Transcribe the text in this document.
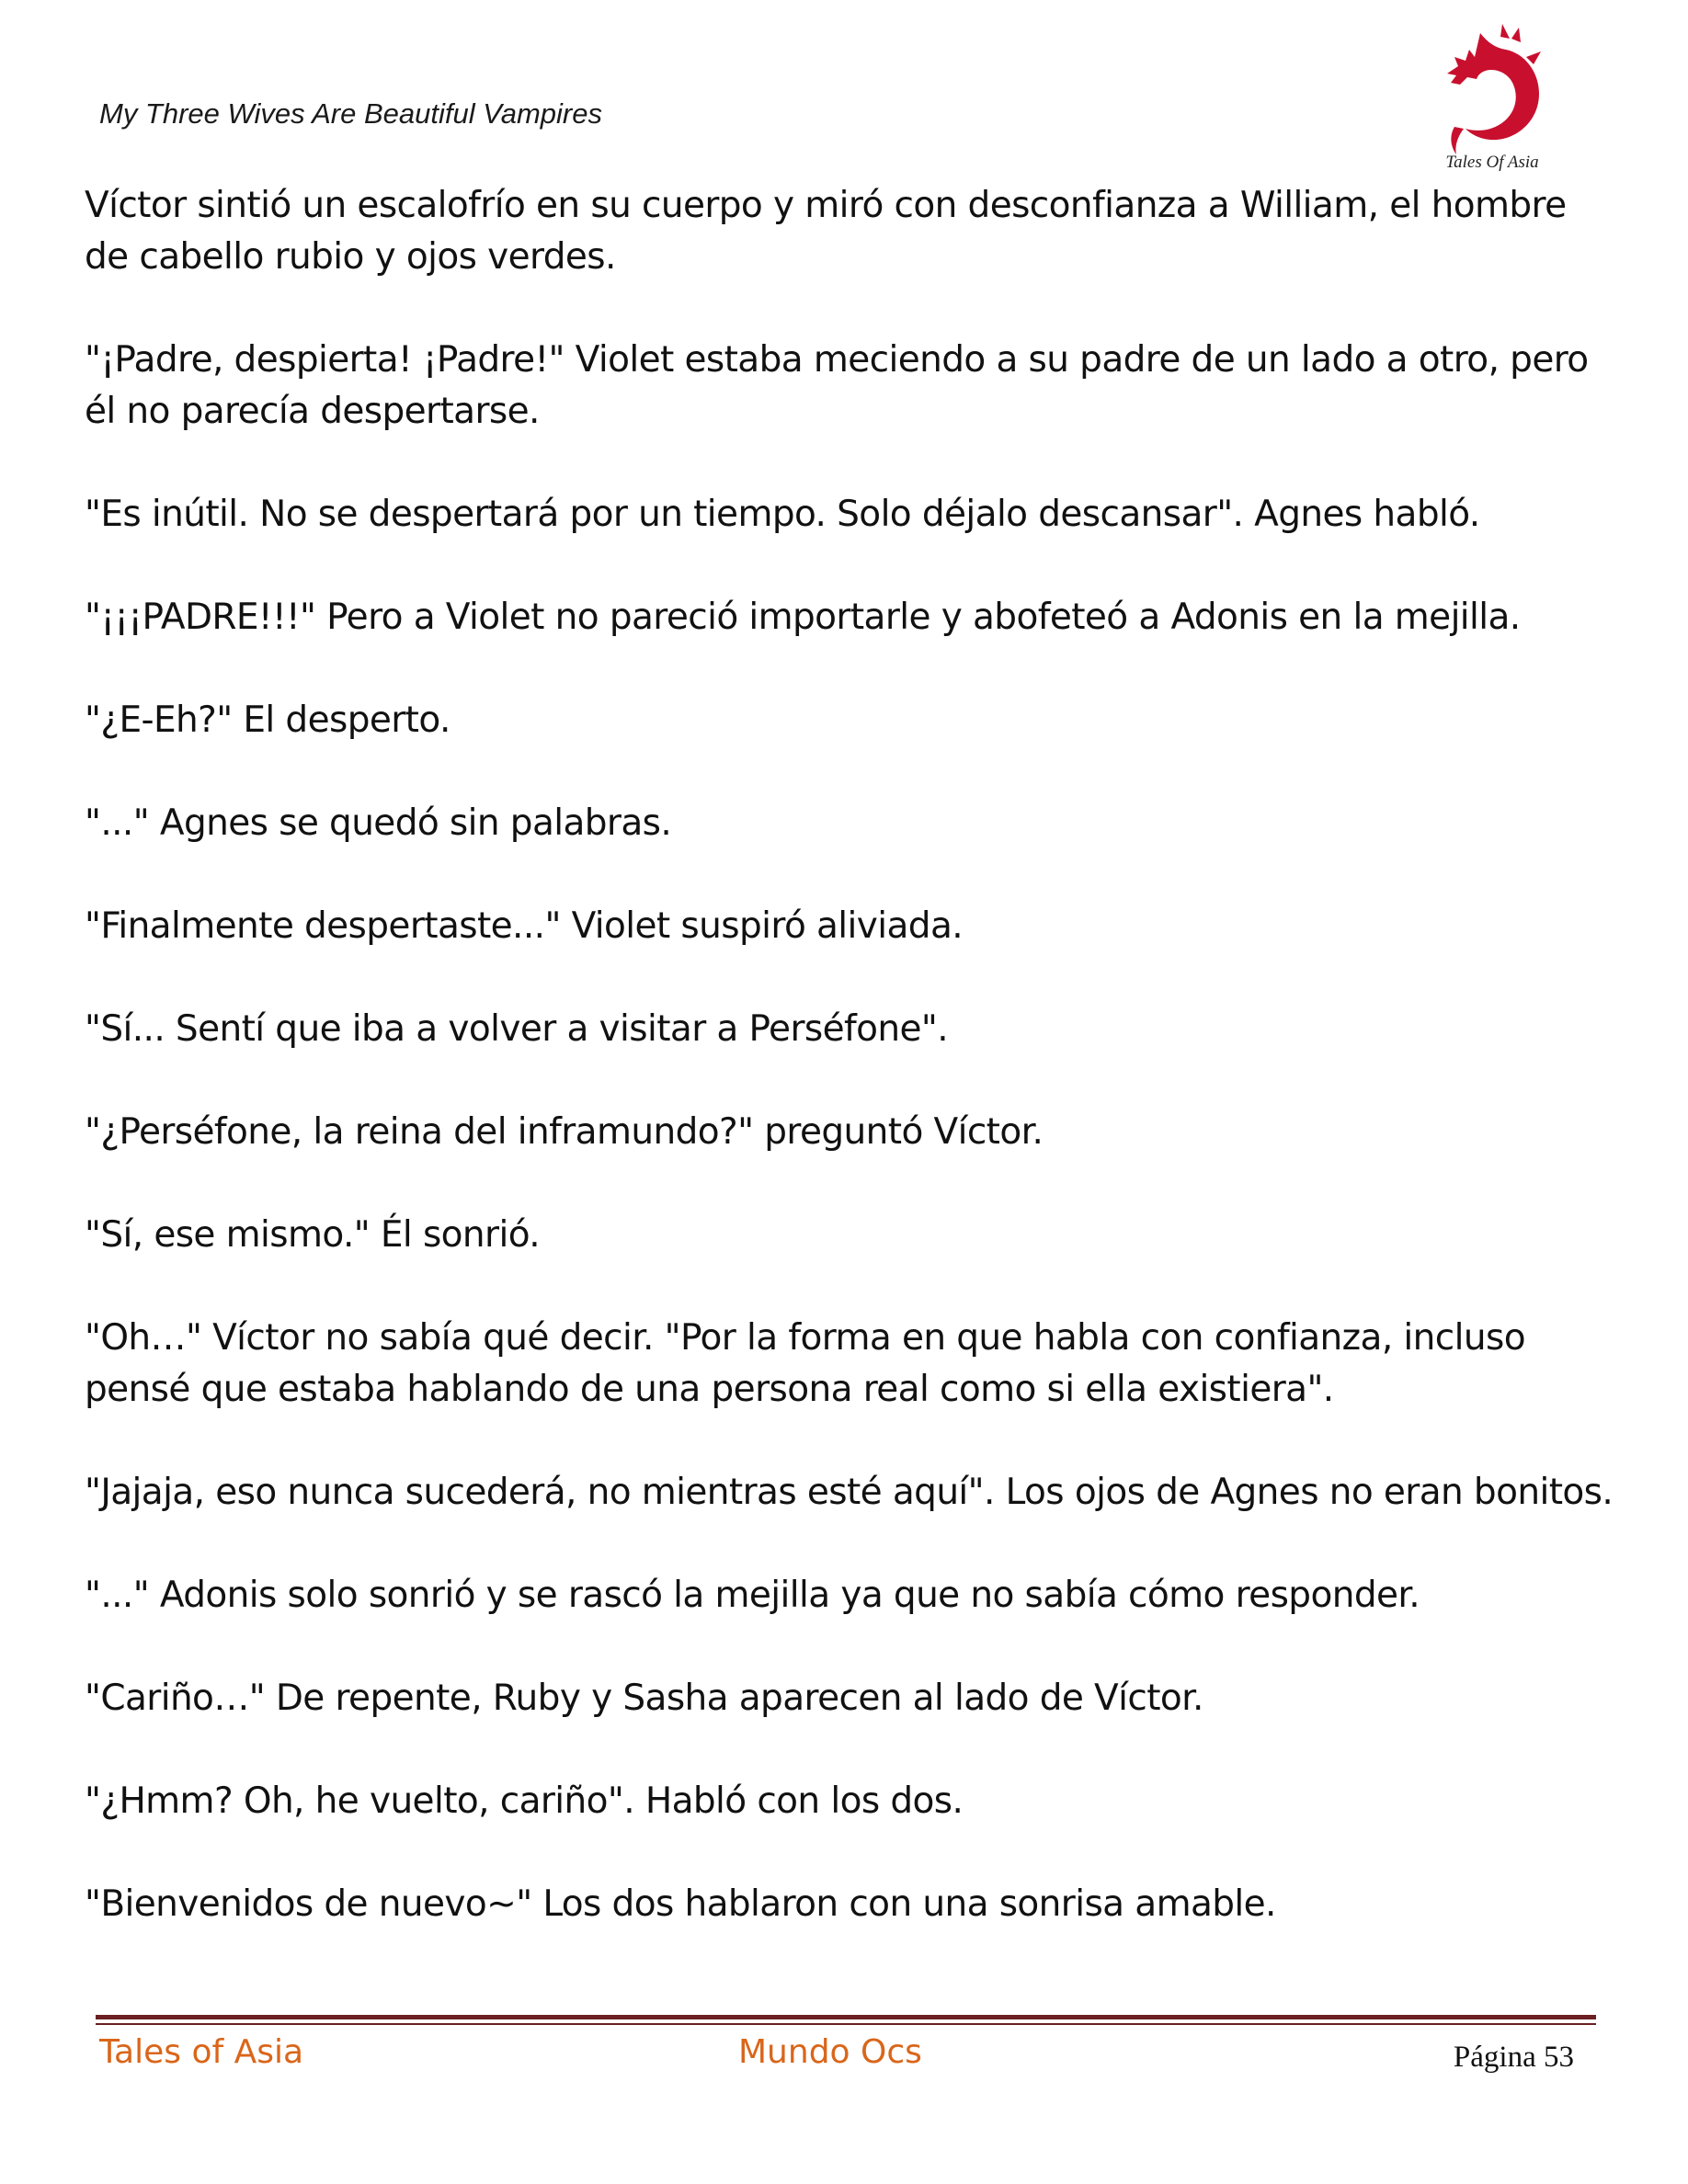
My Three Wives Are Beautiful Vampires
Tales Of Asia

Víctor sintió un escalofrío en su cuerpo y miró con desconfianza a William, el hombre de cabello rubio y ojos verdes.

"¡Padre, despierta! ¡Padre!" Violet estaba meciendo a su padre de un lado a otro, pero él no parecía despertarse.

"Es inútil. No se despertará por un tiempo. Solo déjalo descansar". Agnes habló.

"¡¡¡PADRE!!!" Pero a Violet no pareció importarle y abofeteó a Adonis en la mejilla.

"¿E-Eh?" El desperto.

"..." Agnes se quedó sin palabras.

"Finalmente despertaste..." Violet suspiró aliviada.

"Sí... Sentí que iba a volver a visitar a Perséfone".

"¿Perséfone, la reina del inframundo?" preguntó Víctor.

"Sí, ese mismo." Él sonrió.

"Oh…" Víctor no sabía qué decir. "Por la forma en que habla con confianza, incluso pensé que estaba hablando de una persona real como si ella existiera".

"Jajaja, eso nunca sucederá, no mientras esté aquí". Los ojos de Agnes no eran bonitos.

"..." Adonis solo sonrió y se rascó la mejilla ya que no sabía cómo responder.

"Cariño…" De repente, Ruby y Sasha aparecen al lado de Víctor.

"¿Hmm? Oh, he vuelto, cariño". Habló con los dos.

"Bienvenidos de nuevo~" Los dos hablaron con una sonrisa amable.

Tales of Asia	Mundo Ocs	Página 53
